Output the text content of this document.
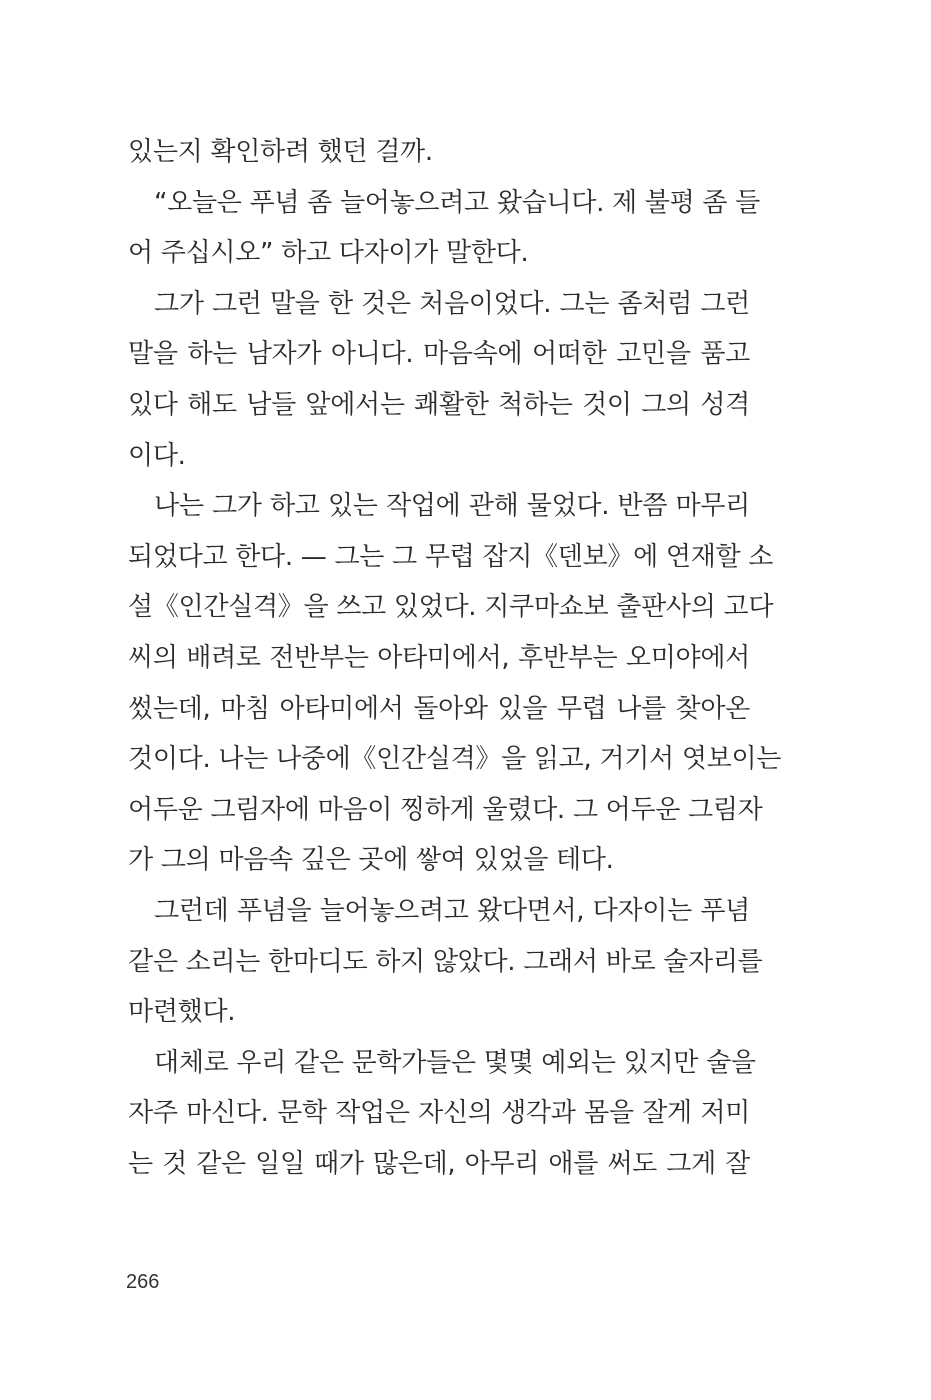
있는지 확인하려 했던 걸까.
“오늘은 푸념 좀 늘어놓으려고 왔습니다. 제 불평 좀 들
어 주십시오” 하고 다자이가 말한다.
그가 그런 말을 한 것은 처음이었다. 그는 좀처럼 그런
말을 하는 남자가 아니다. 마음속에 어떠한 고민을 품고
있다 해도 남들 앞에서는 쾌활한 척하는 것이 그의 성격
이다.
나는 그가 하고 있는 작업에 관해 물었다. 반쯤 마무리
되었다고 한다. — 그는 그 무렵 잡지《덴보》에 연재할 소
설《인간실격》을 쓰고 있었다. 지쿠마쇼보 출판사의 고다
씨의 배려로 전반부는 아타미에서, 후반부는 오미야에서
썼는데, 마침 아타미에서 돌아와 있을 무렵 나를 찾아온
것이다. 나는 나중에《인간실격》을 읽고, 거기서 엿보이는
어두운 그림자에 마음이 찡하게 울렸다. 그 어두운 그림자
가 그의 마음속 깊은 곳에 쌓여 있었을 테다.
그런데 푸념을 늘어놓으려고 왔다면서, 다자이는 푸념
같은 소리는 한마디도 하지 않았다. 그래서 바로 술자리를
마련했다.
대체로 우리 같은 문학가들은 몇몇 예외는 있지만 술을
자주 마신다. 문학 작업은 자신의 생각과 몸을 잘게 저미
는 것 같은 일일 때가 많은데, 아무리 애를 써도 그게 잘
266
